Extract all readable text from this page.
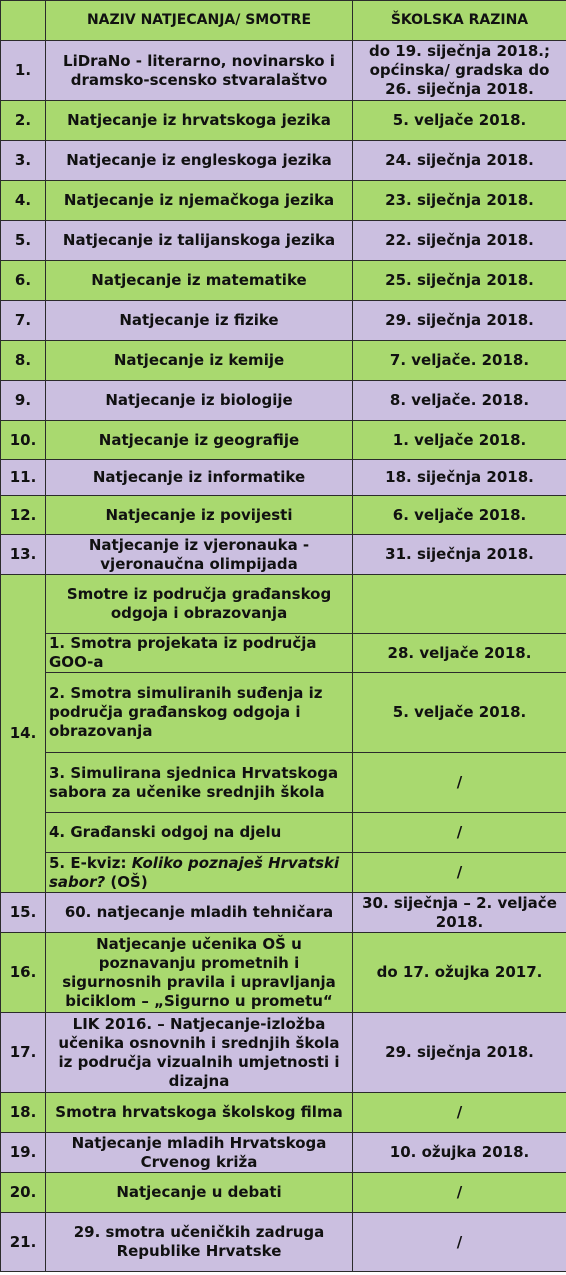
	NAZIV NATJECANJA/ SMOTRE	ŠKOLSKA RAZINA
1.	LiDraNo - literarno, novinarsko i dramsko-scensko stvaralaštvo	do 19. siječnja 2018.; općinska/ gradska do 26. siječnja 2018.
2.	Natjecanje iz hrvatskoga jezika	5. veljače 2018.
3.	Natjecanje iz engleskoga jezika	24. siječnja 2018.
4.	Natjecanje iz njemačkoga jezika	23. siječnja 2018.
5.	Natjecanje iz talijanskoga jezika	22. siječnja 2018.
6.	Natjecanje iz matematike	25. siječnja 2018.
7.	Natjecanje iz fizike	29. siječnja 2018.
8.	Natjecanje iz kemije	7. veljače. 2018.
9.	Natjecanje iz biologije	8. veljače. 2018.
10.	Natjecanje iz geografije	1. veljače 2018.
11.	Natjecanje iz informatike	18. siječnja 2018.
12.	Natjecanje iz povijesti	6. veljače 2018.
13.	Natjecanje iz vjeronauka - vjeronaučna olimpijada	31. siječnja 2018.
14.	Smotre iz područja građanskog odgoja i obrazovanja	
	1. Smotra projekata iz područja GOO-a	28. veljače 2018.
	2. Smotra simuliranih suđenja iz područja građanskog odgoja i obrazovanja	5. veljače 2018.
	3. Simulirana sjednica Hrvatskoga sabora za učenike srednjih škola	/
	4. Građanski odgoj na djelu	/
	5. E-kviz: Koliko poznaješ Hrvatski sabor? (OŠ)	/
15.	60. natjecanje mladih tehničara	30. siječnja – 2. veljače 2018.
16.	Natjecanje učenika OŠ u poznavanju prometnih i sigurnosnih pravila i upravljanja biciklom – „Sigurno u prometu“	do 17. ožujka 2017.
17.	LIK 2016. – Natjecanje-izložba učenika osnovnih i srednjih škola iz područja vizualnih umjetnosti i dizajna	29. siječnja 2018.
18.	Smotra hrvatskoga školskog filma	/
19.	Natjecanje mladih Hrvatskoga Crvenog križa	10. ožujka 2018.
20.	Natjecanje u debati	/
21.	29. smotra učeničkih zadruga Republike Hrvatske	/
